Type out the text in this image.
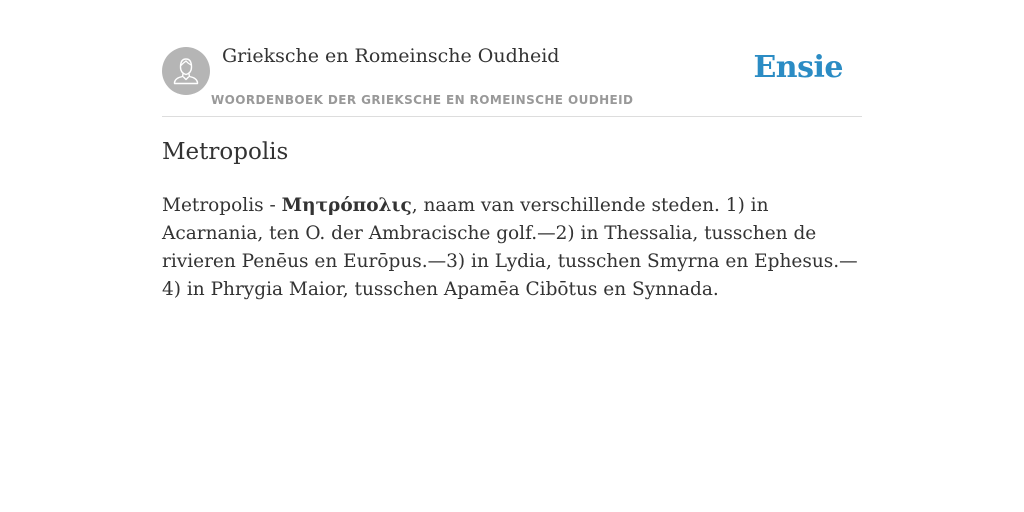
Grieksche en Romeinsche Oudheid
WOORDENBOEK DER GRIEKSCHE EN ROMEINSCHE OUDHEID
Ensie
Metropolis

Metropolis - Μητρόπολις, naam van verschillende steden. 1) in Acarnania, ten O. der Ambracische golf.—2) in Thessalia, tusschen de rivieren Penēus en Eurōpus.—3) in Lydia, tusschen Smyrna en Ephesus.—4) in Phrygia Maior, tusschen Apamēa Cibōtus en Synnada.
